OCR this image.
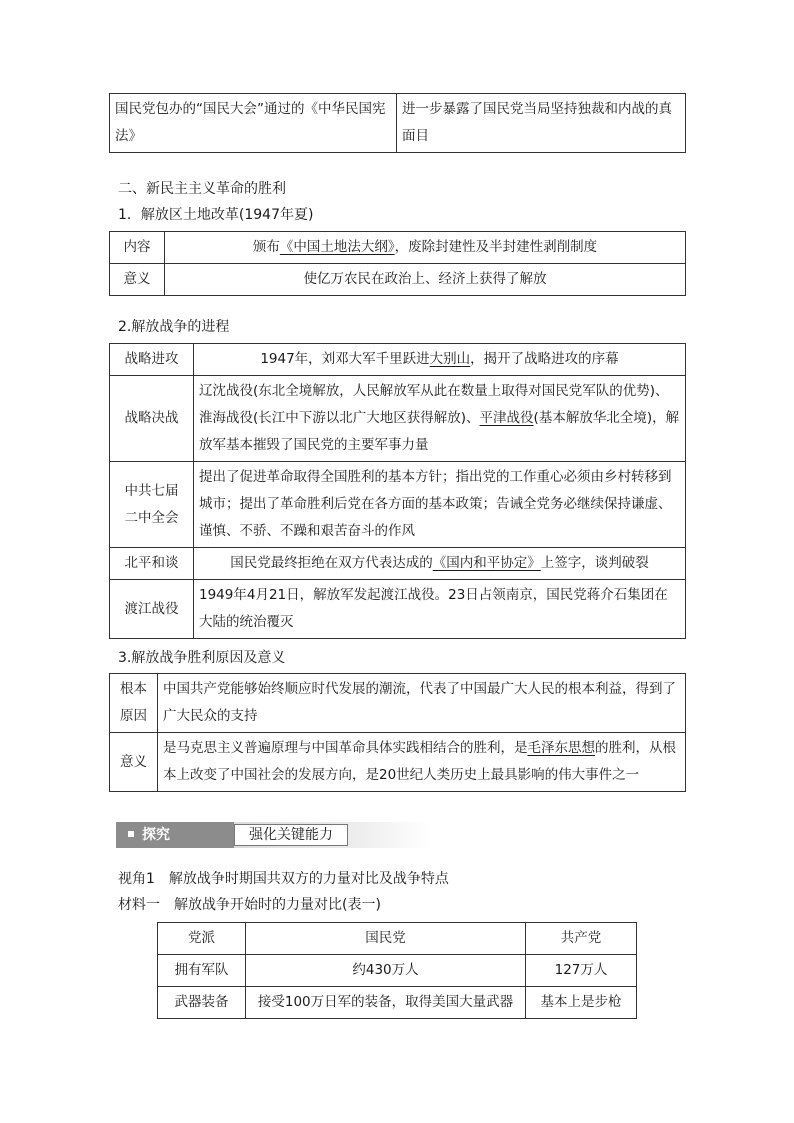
国民党包办的“国民大会”通过的《中华民国宪法》	进一步暴露了国民党当局坚持独裁和内战的真面目
二、新民主主义革命的胜利
1．解放区土地改革(1947年夏)
内容	颁布《中国土地法大纲》，废除封建性及半封建性剥削制度
意义	使亿万农民在政治上、经济上获得了解放
2.解放战争的进程
战略进攻	1947年，刘邓大军千里跃进大别山，揭开了战略进攻的序幕
战略决战	辽沈战役(东北全境解放，人民解放军从此在数量上取得对国民党军队的优势)、淮海战役(长江中下游以北广大地区获得解放)、平津战役(基本解放华北全境)，解放军基本摧毁了国民党的主要军事力量
中共七届二中全会	提出了促进革命取得全国胜利的基本方针；指出党的工作重心必须由乡村转移到城市；提出了革命胜利后党在各方面的基本政策；告诫全党务必继续保持谦虚、谨慎、不骄、不躁和艰苦奋斗的作风
北平和谈	国民党最终拒绝在双方代表达成的《国内和平协定》上签字，谈判破裂
渡江战役	1949年4月21日，解放军发起渡江战役。23日占领南京，国民党蒋介石集团在大陆的统治覆灭
3.解放战争胜利原因及意义
根本原因	中国共产党能够始终顺应时代发展的潮流，代表了中国最广大人民的根本利益，得到了广大民众的支持
意义	是马克思主义普遍原理与中国革命具体实践相结合的胜利，是毛泽东思想的胜利，从根本上改变了中国社会的发展方向，是20世纪人类历史上最具影响的伟大事件之一
探究	强化关键能力
视角1　解放战争时期国共双方的力量对比及战争特点
材料一　解放战争开始时的力量对比(表一)
党派	国民党	共产党
拥有军队	约430万人	127万人
武器装备	接受100万日军的装备，取得美国大量武器	基本上是步枪
